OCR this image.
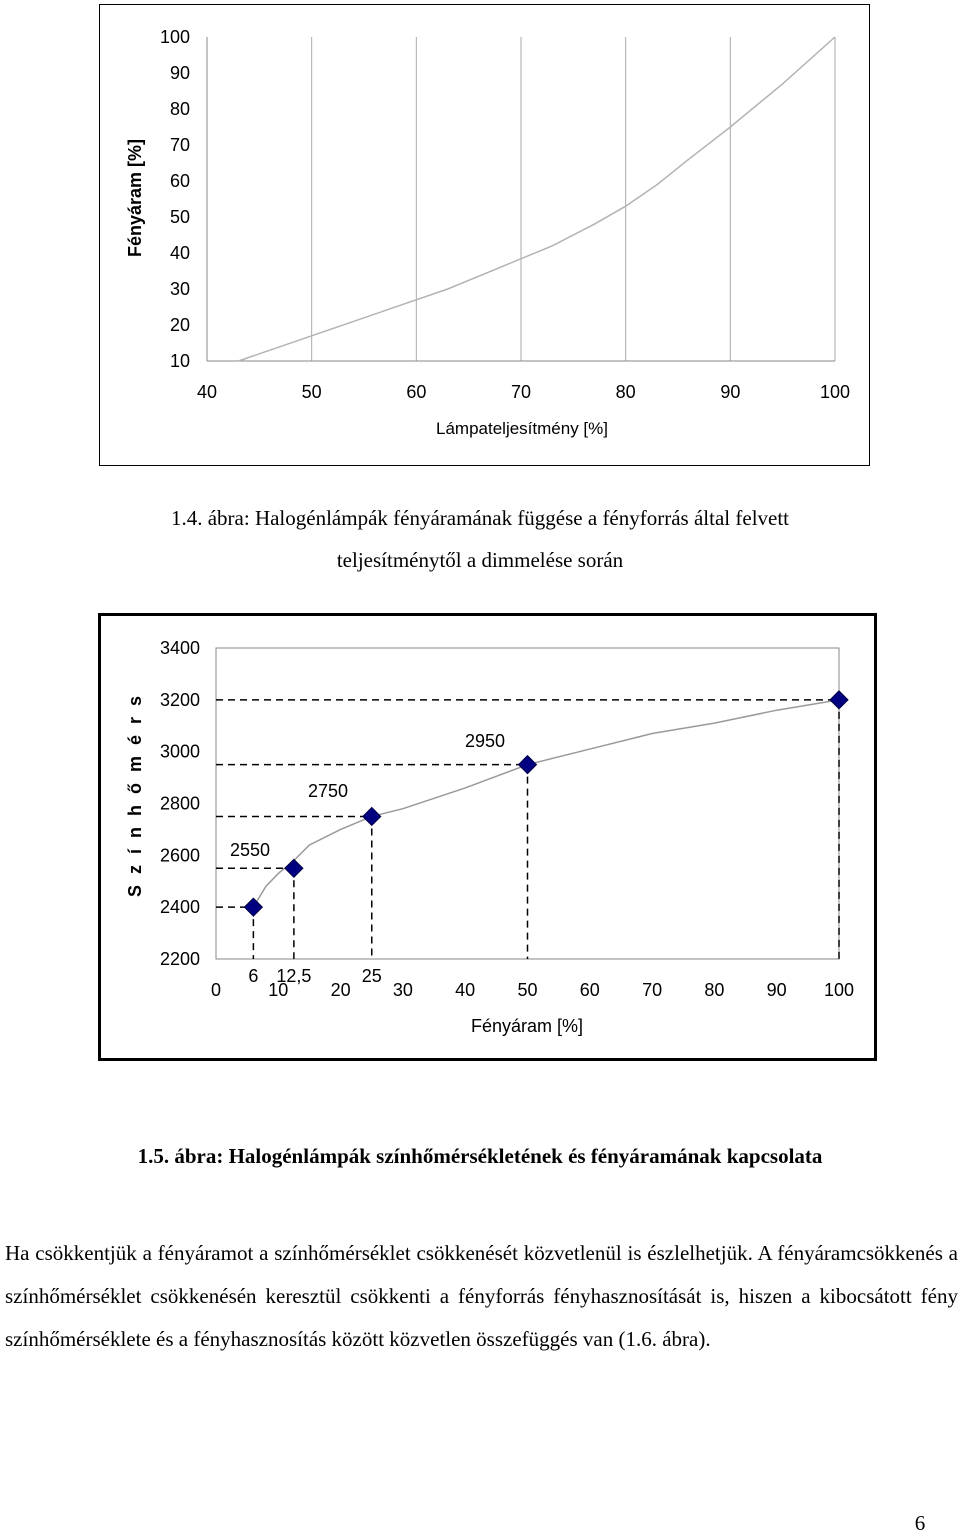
40	50	60	70	80	90	100
100
90
80
70
60
50
40
30
20
10
Lámpateljesítmény [%]
Fényáram [%]
1.4. ábra: Halogénlámpák fényáramának függése a fényforrás által felvett
teljesítménytől a dimmelése során
3400
3200
3000
2800
2600
2400
2200
0	10 20 30 40 50 60 70 80 90 100
6 12,5	25
2550
2750
2950
Fényáram [%]
S z í n h ő m é r s
1.5. ábra: Halogénlámpák színhőmérsékletének és fényáramának kapcsolata

Ha csökkentjük a fényáramot a színhőmérséklet csökkenését közvetlenül is észlelhetjük. A fényáramcsökkenés a színhőmérséklet csökkenésén keresztül csökkenti a fényforrás fényhasznosítását is, hiszen a kibocsátott fény színhőmérséklete és a fényhasznosítás között közvetlen összefüggés van (1.6. ábra).

6
